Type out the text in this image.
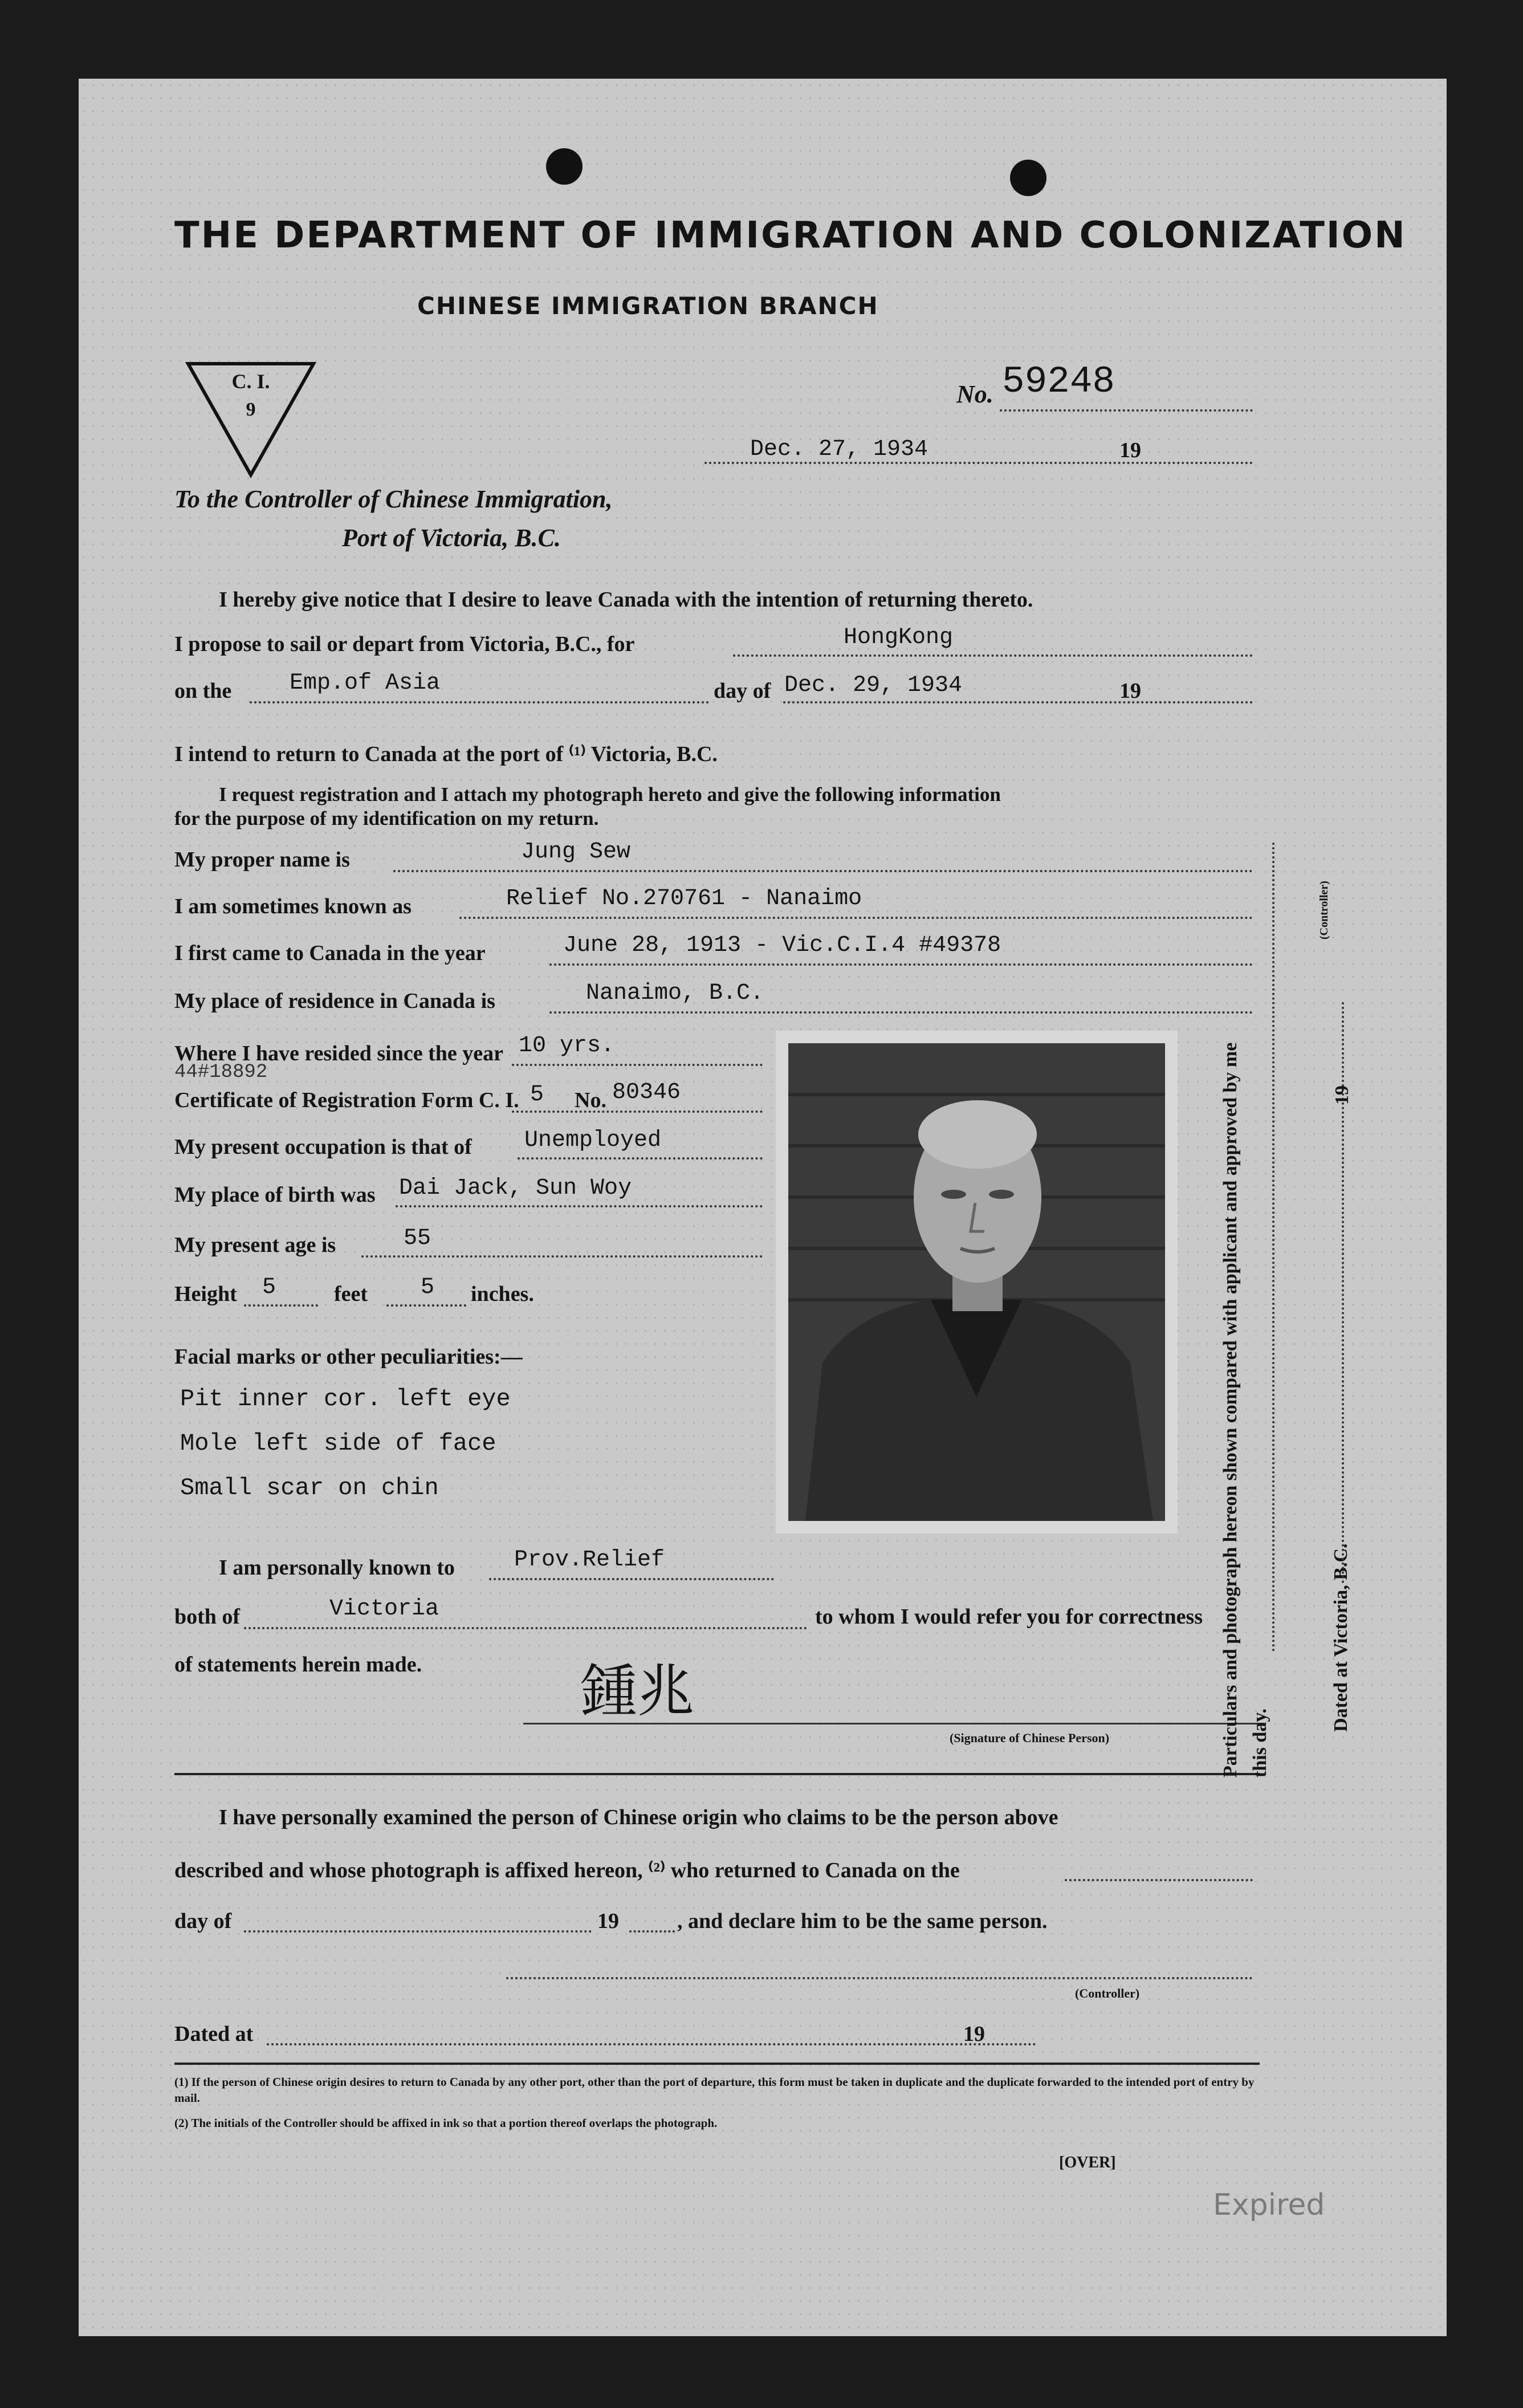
THE DEPARTMENT OF IMMIGRATION AND COLONIZATION
CHINESE IMMIGRATION BRANCH
C. I.
9
No. 59248
Dec. 27, 1934	19
To the Controller of Chinese Immigration,
Port of Victoria, B.C.
I hereby give notice that I desire to leave Canada with the intention of returning thereto.
I propose to sail or depart from Victoria, B.C., for	HongKong
on the	Emp.of Asia	day of Dec. 29, 1934	19
I intend to return to Canada at the port of ⁽¹⁾ Victoria, B.C.
I request registration and I attach my photograph hereto and give the following information
for the purpose of my identification on my return.
My proper name is	Jung Sew
I am sometimes known as	Relief No.270761 - Nanaimo
I first came to Canada in the year	June 28, 1913 - Vic.C.I.4 #49378
My place of residence in Canada is	Nanaimo, B.C.
Where I have resided since the year 10 yrs.
44#18892
Certificate of Registration Form C. I. 5 No. 80346
My present occupation is that of Unemployed
My place of birth was Dai Jack, Sun Woy
My present age is	55
Height 5	feet 5 inches.
Facial marks or other peculiarities:—
Pit inner cor. left eye
Mole left side of face
Small scar on chin
I am personally known to	Prov.Relief
both of	Victoria	to whom I would refer you for correctness
of statements herein made.	鍾兆
(Signature of Chinese Person)
I have personally examined the person of Chinese origin who claims to be the person above
described and whose photograph is affixed hereon, ⁽²⁾ who returned to Canada on the
day of	19	, and declare him to be the same person.
(Controller)
Dated at	19
(1) If the person of Chinese origin desires to return to Canada by any other port, other than the port of departure, this form must be taken in duplicate and the duplicate forwarded to the intended port of entry by mail.
(2) The initials of the Controller should be affixed in ink so that a portion thereof overlaps the photograph.
[OVER]
Expired
Particulars and photograph hereon shown compared with applicant and approved by me this day.
(Controller)
Dated at Victoria, B.C.
19
